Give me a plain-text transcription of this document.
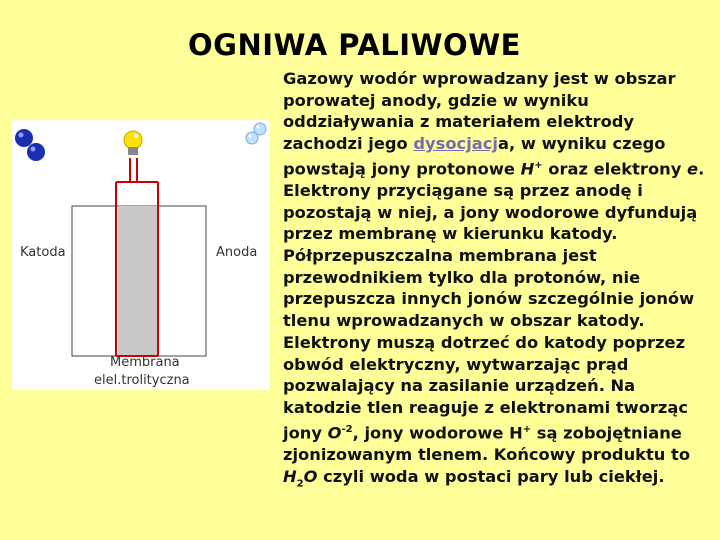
OGNIWA PALIWOWE
Katoda	Anoda
Membrana
elel.trolityczna
Gazowy wodór wprowadzany jest w obszar porowatej anody, gdzie w wyniku oddziaływania z materiałem elektrody zachodzi jego dysocjacja, w wyniku czego powstają jony protonowe H+ oraz elektrony e. Elektrony przyciągane są przez anodę i pozostają w niej, a jony wodorowe dyfundują przez membranę w kierunku katody. Półprzepuszczalna membrana jest przewodnikiem tylko dla protonów, nie przepuszcza innych jonów szczególnie jonów tlenu wprowadzanych w obszar katody. Elektrony muszą dotrzeć do katody poprzez obwód elektryczny, wytwarzając prąd pozwalający na zasilanie urządzeń. Na katodzie tlen reaguje z elektronami tworząc jony $O^{-2}$, jony wodorowe H+ są zobojętniane zjonizowanym tlenem. Końcowy produktu to $H_2O$ czyli woda w postaci pary lub ciekłej.
